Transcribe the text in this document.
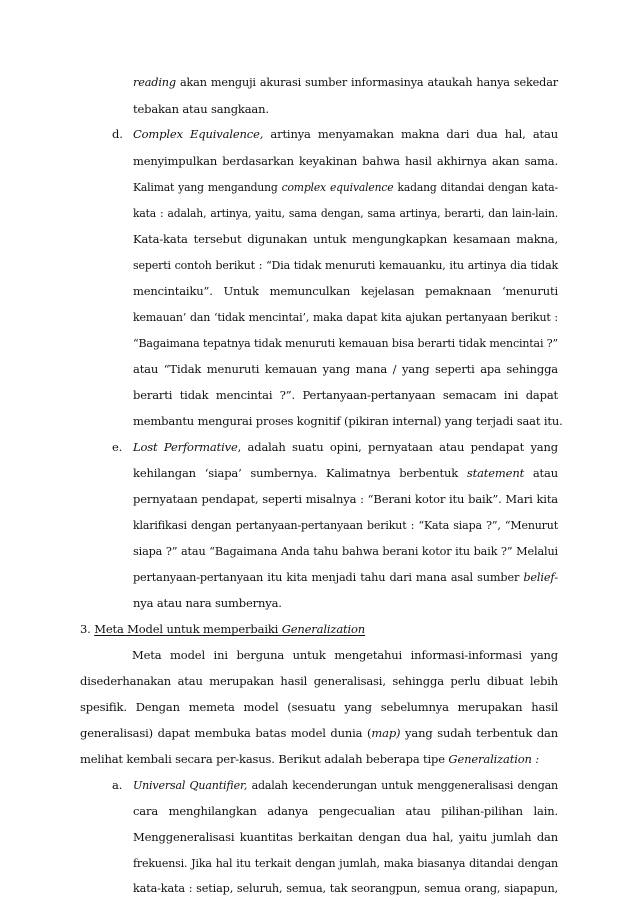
reading akan menguji akurasi sumber informasinya ataukah hanya sekedar
tebakan atau sangkaan.
d. Complex Equivalence, artinya menyamakan makna dari dua hal, atau
menyimpulkan berdasarkan keyakinan bahwa hasil akhirnya akan sama.
Kalimat yang mengandung complex equivalence kadang ditandai dengan kata-
kata : adalah, artinya, yaitu, sama dengan, sama artinya, berarti, dan lain-lain.
Kata-kata tersebut digunakan untuk mengungkapkan kesamaan makna,
seperti contoh berikut : “Dia tidak menuruti kemauanku, itu artinya dia tidak
mencintaiku”. Untuk memunculkan kejelasan pemaknaan ‘menuruti
kemauan’ dan ‘tidak mencintai’, maka dapat kita ajukan pertanyaan berikut :
“Bagaimana tepatnya tidak menuruti kemauan bisa berarti tidak mencintai ?”
atau “Tidak menuruti kemauan yang mana / yang seperti apa sehingga
berarti tidak mencintai ?”. Pertanyaan-pertanyaan semacam ini dapat
membantu mengurai proses kognitif (pikiran internal) yang terjadi saat itu.
e. Lost Performative, adalah suatu opini, pernyataan atau pendapat yang
kehilangan ‘siapa’ sumbernya. Kalimatnya berbentuk statement atau
pernyataan pendapat, seperti misalnya : “Berani kotor itu baik”. Mari kita
klarifikasi dengan pertanyaan-pertanyaan berikut : “Kata siapa ?”, “Menurut
siapa ?” atau “Bagaimana Anda tahu bahwa berani kotor itu baik ?” Melalui
pertanyaan-pertanyaan itu kita menjadi tahu dari mana asal sumber belief-
nya atau nara sumbernya.
3. Meta Model untuk memperbaiki Generalization
Meta model ini berguna untuk mengetahui informasi-informasi yang
disederhanakan atau merupakan hasil generalisasi, sehingga perlu dibuat lebih
spesifik. Dengan memeta model (sesuatu yang sebelumnya merupakan hasil
generalisasi) dapat membuka batas model dunia (map) yang sudah terbentuk dan
melihat kembali secara per-kasus. Berikut adalah beberapa tipe Generalization :
a. Universal Quantifier, adalah kecenderungan untuk menggeneralisasi dengan
cara menghilangkan adanya pengecualian atau pilihan-pilihan lain.
Menggeneralisasi kuantitas berkaitan dengan dua hal, yaitu jumlah dan
frekuensi. Jika hal itu terkait dengan jumlah, maka biasanya ditandai dengan
kata-kata : setiap, seluruh, semua, tak seorangpun, semua orang, siapapun,
